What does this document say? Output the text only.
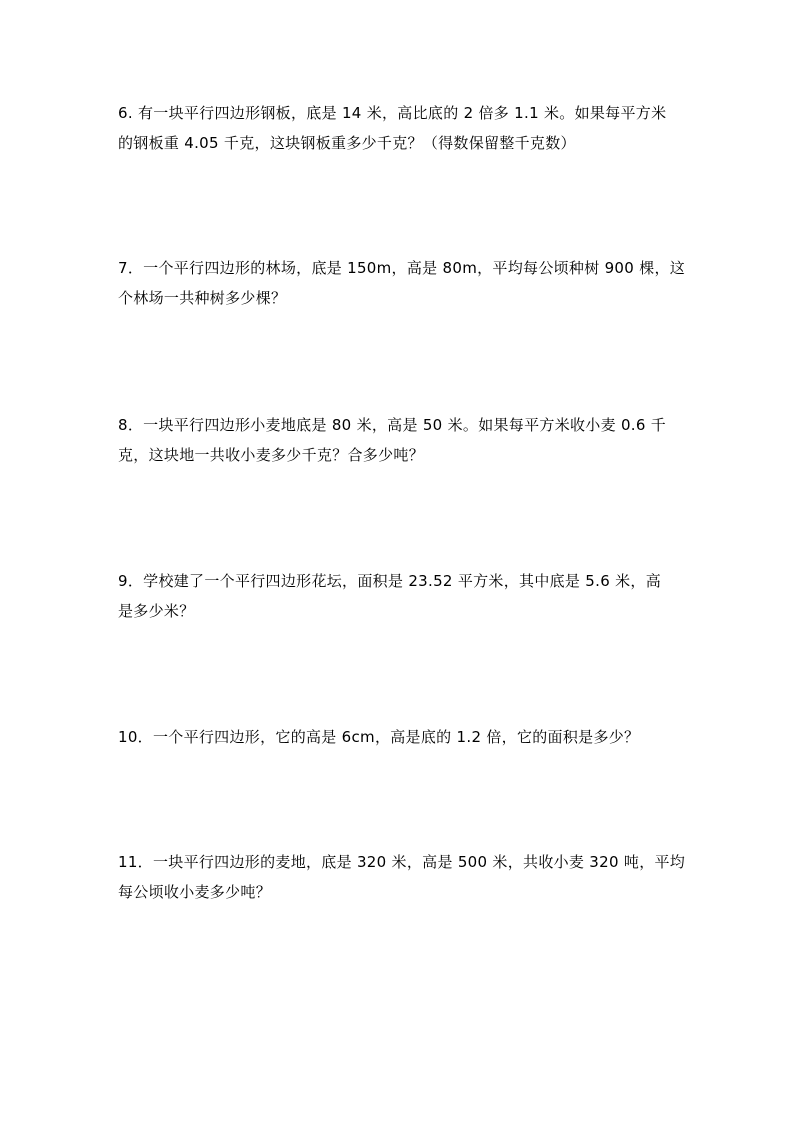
6. 有一块平行四边形钢板，底是 14 米，高比底的 2 倍多 1.1 米。如果每平方米
的钢板重 4.05 千克，这块钢板重多少千克？（得数保留整千克数）
7．一个平行四边形的林场，底是 150m，高是 80m，平均每公顷种树 900 棵，这
个林场一共种树多少棵？
8．一块平行四边形小麦地底是 80 米，高是 50 米。如果每平方米收小麦 0.6 千
克，这块地一共收小麦多少千克？合多少吨？
9．学校建了一个平行四边形花坛，面积是 23.52 平方米，其中底是 5.6 米，高
是多少米？
10．一个平行四边形，它的高是 6cm，高是底的 1.2 倍，它的面积是多少？
11．一块平行四边形的麦地，底是 320 米，高是 500 米，共收小麦 320 吨，平均
每公顷收小麦多少吨？
